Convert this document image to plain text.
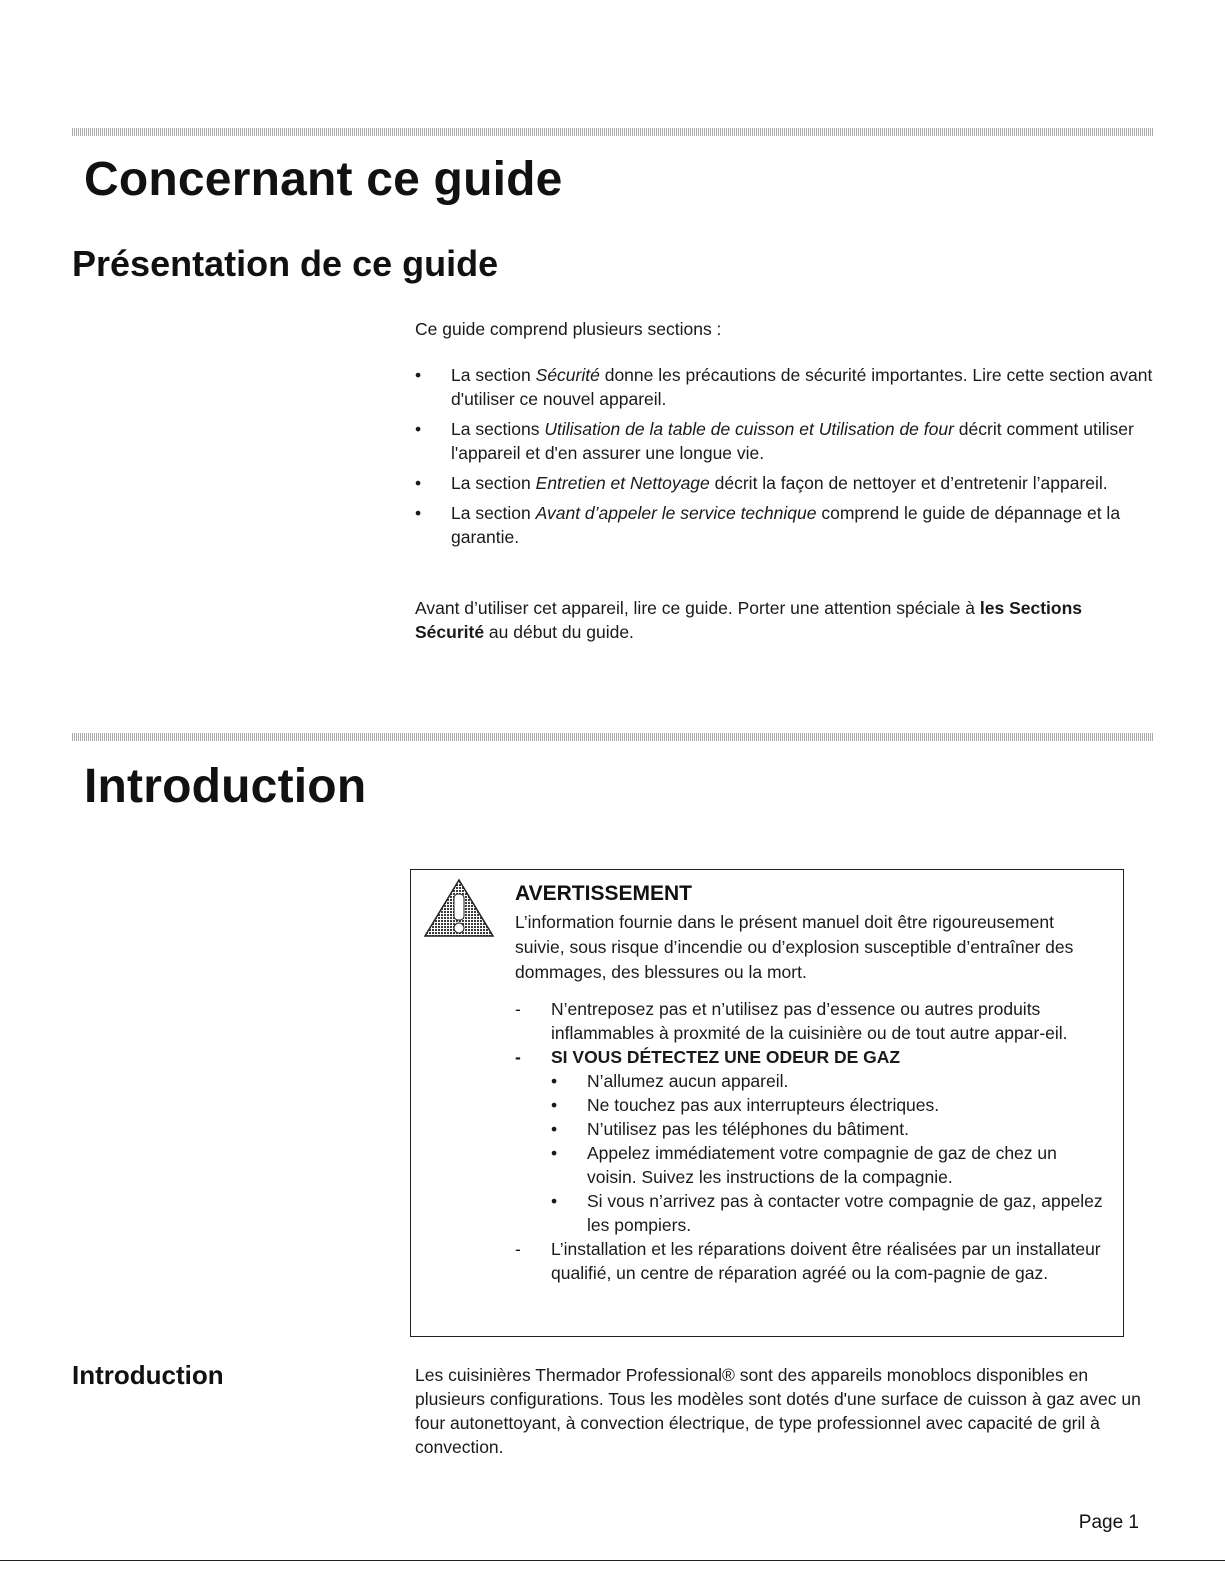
Concernant ce guide
Présentation de ce guide

Ce guide comprend plusieurs sections :

• La section Sécurité donne les précautions de sécurité importantes. Lire cette section avant d'utiliser ce nouvel appareil.
• La sections Utilisation de la table de cuisson et Utilisation de four décrit comment utiliser l'appareil et d'en assurer une longue vie.
• La section Entretien et Nettoyage décrit la façon de nettoyer et d’entretenir l’appareil.
• La section Avant d’appeler le service technique comprend le guide de dépannage et la garantie.

Avant d’utiliser cet appareil, lire ce guide. Porter une attention spéciale à les Sections Sécurité au début du guide.

Introduction

AVERTISSEMENT

L’information fournie dans le présent manuel doit être rigoureusement suivie, sous risque d’incendie ou d’explosion susceptible d’entraîner des dommages, des blessures ou la mort.

- N’entreposez pas et n’utilisez pas d’essence ou autres produits inflammables à proxmité de la cuisinière ou de tout autre appar-eil.
- SI VOUS DÉTECTEZ UNE ODEUR DE GAZ
• N’allumez aucun appareil.
• Ne touchez pas aux interrupteurs électriques.
• N’utilisez pas les téléphones du bâtiment.
• Appelez immédiatement votre compagnie de gaz de chez un voisin. Suivez les instructions de la compagnie.
• Si vous n’arrivez pas à contacter votre compagnie de gaz, appelez les pompiers.
- L’installation et les réparations doivent être réalisées par un installateur qualifié, un centre de réparation agréé ou la com-pagnie de gaz.
Introduction	Les cuisinières Thermador Professional® sont des appareils monoblocs disponibles en plusieurs configurations. Tous les modèles sont dotés d'une surface de cuisson à gaz avec un four autonettoyant, à convection électrique, de type professionnel avec capacité de gril à convection.

Page 1
